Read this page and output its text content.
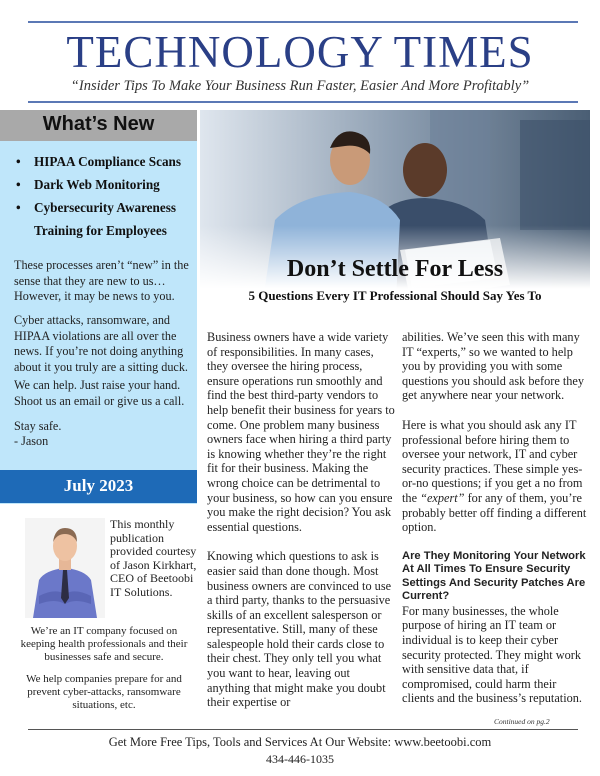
TECHNOLOGY TIMES
“Insider Tips To Make Your Business Run Faster, Easier And More Profitably”
What’s New
• HIPAA Compliance Scans
• Dark Web Monitoring
• Cybersecurity Awareness
Training for Employees
These processes aren’t “new” in the sense that they are new to us… However, it may be news to you.
Cyber attacks, ransomware, and HIPAA violations are all over the news. If you’re not doing anything about it you truly are a sitting duck.
We can help. Just raise your hand. Shoot us an email or give us a call.
Stay safe.
- Jason
July 2023
This monthly publication provided courtesy of Jason Kirkhart, CEO of Beetoobi IT Solutions.
We’re an IT company focused on keeping health professionals and their businesses safe and secure.
We help companies prepare for and prevent cyber-attacks, ransomware situations, etc.
Don’t Settle For Less
5 Questions Every IT Professional Should Say Yes To

Business owners have a wide variety of responsibilities. In many cases, they oversee the hiring process, ensure operations run smoothly and find the best third-party vendors to help benefit their business for years to come. One problem many business owners face when hiring a third party is knowing whether they’re the right fit for their business. Making the wrong choice can be detrimental to your business, so how can you ensure you make the right decision? You ask essential questions.

Knowing which questions to ask is easier said than done though. Most business owners are convinced to use a third party, thanks to the persuasive skills of an excellent salesperson or representative. Still, many of these salespeople hold their cards close to their chest. They only tell you what you want to hear, leaving out anything that might make you doubt their expertise or

abilities. We’ve seen this with many IT “experts,” so we wanted to help you by providing you with some questions you should ask before they get anywhere near your network.

Here is what you should ask any IT professional before hiring them to oversee your network, IT and cyber security practices. These simple yes-or-no questions; if you get a no from the “expert” for any of them, you’re probably better off finding a different option.

Are They Monitoring Your Network At All Times To Ensure Security Settings And Security Patches Are Current?

For many businesses, the whole purpose of hiring an IT team or individual is to keep their cyber security protected. They might work with sensitive data that, if compromised, could harm their clients and the business’s reputation.

Continued on pg.2
Get More Free Tips, Tools and Services At Our Website: www.beetoobi.com
434-446-1035
